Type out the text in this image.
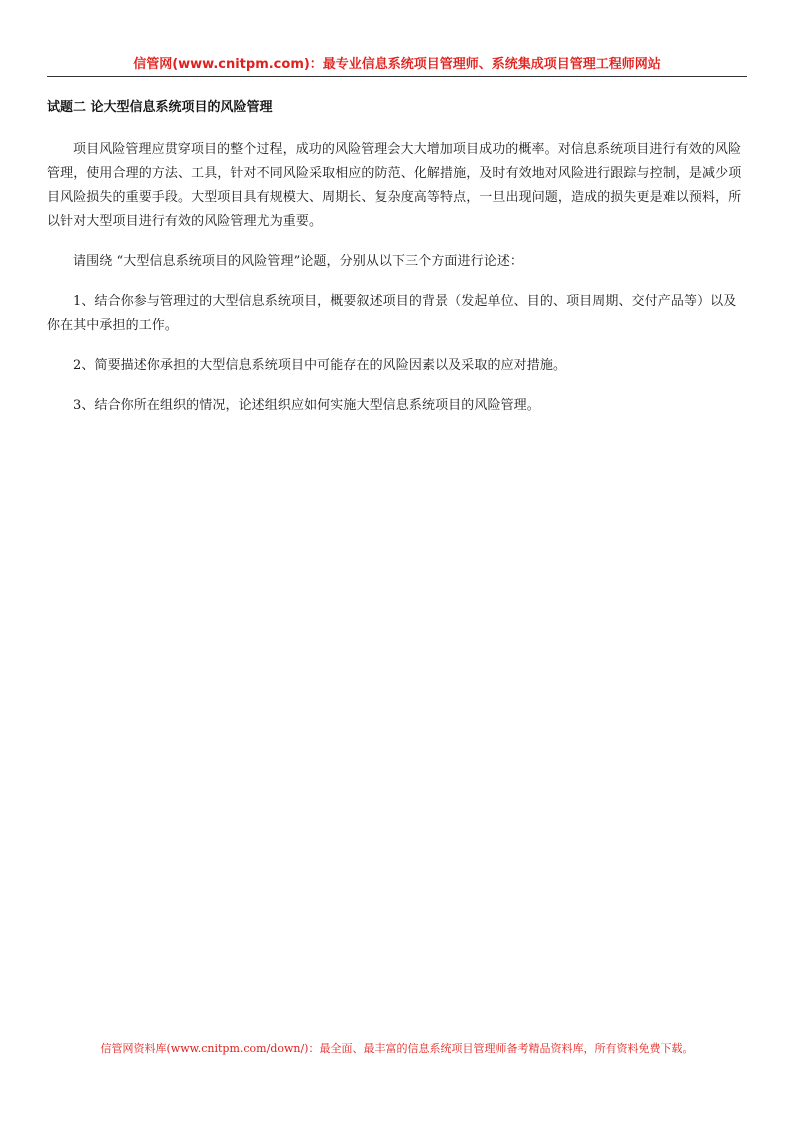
信管网(www.cnitpm.com)：最专业信息系统项目管理师、系统集成项目管理工程师网站
试题二 论大型信息系统项目的风险管理

项目风险管理应贯穿项目的整个过程，成功的风险管理会大大增加项目成功的概率。对信息系统项目进行有效的风险管理，使用合理的方法、工具，针对不同风险采取相应的防范、化解措施，及时有效地对风险进行跟踪与控制，是减少项目风险损失的重要手段。大型项目具有规模大、周期长、复杂度高等特点，一旦出现问题，造成的损失更是难以预料，所以针对大型项目进行有效的风险管理尤为重要。

请围绕 “大型信息系统项目的风险管理”论题，分别从以下三个方面进行论述：

1、结合你参与管理过的大型信息系统项目，概要叙述项目的背景（发起单位、目的、项目周期、交付产品等）以及你在其中承担的工作。

2、简要描述你承担的大型信息系统项目中可能存在的风险因素以及采取的应对措施。

3、结合你所在组织的情况，论述组织应如何实施大型信息系统项目的风险管理。

信管网资料库(www.cnitpm.com/down/)：最全面、最丰富的信息系统项目管理师备考精品资料库，所有资料免费下载。
